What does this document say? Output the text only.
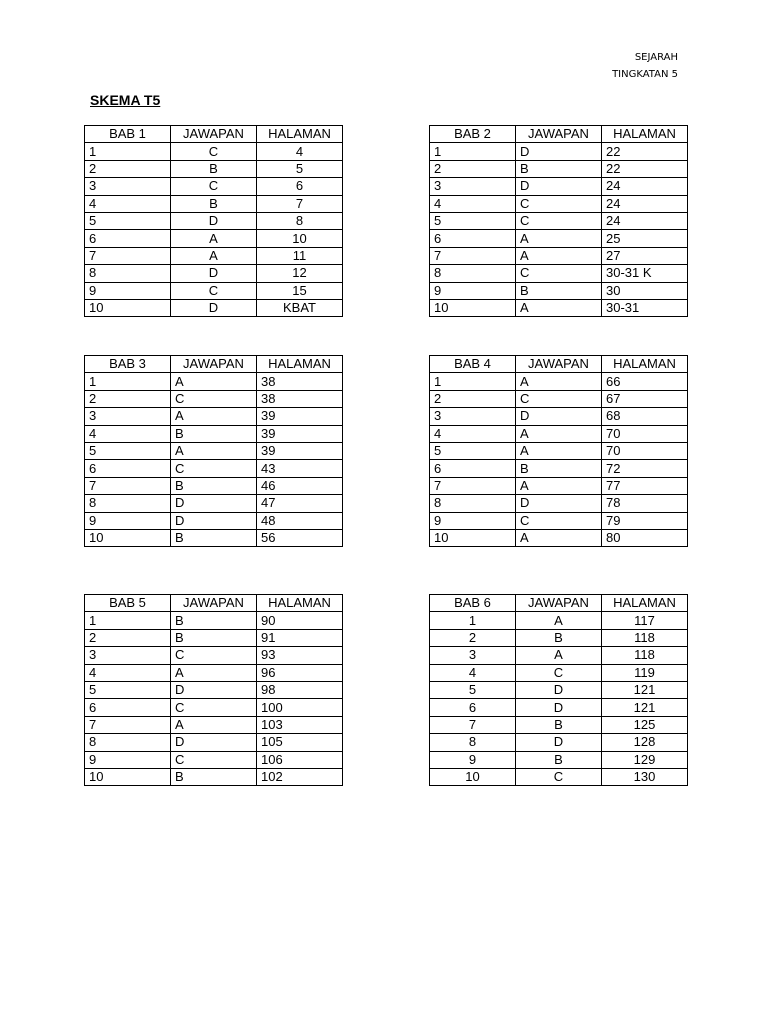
SEJARAH
TINGKATAN 5
SKEMA T5
BAB 1	JAWAPAN	HALAMAN
1	C	4
2	B	5
3	C	6
4	B	7
5	D	8
6	A	10
7	A	11
8	D	12
9	C	15
10	D	KBAT
BAB 2	JAWAPAN	HALAMAN
1	D	22
2	B	22
3	D	24
4	C	24
5	C	24
6	A	25
7	A	27
8	C	30-31 K
9	B	30
10	A	30-31
BAB 3	JAWAPAN	HALAMAN
1	A	38
2	C	38
3	A	39
4	B	39
5	A	39
6	C	43
7	B	46
8	D	47
9	D	48
10	B	56
BAB 4	JAWAPAN	HALAMAN
1	A	66
2	C	67
3	D	68
4	A	70
5	A	70
6	B	72
7	A	77
8	D	78
9	C	79
10	A	80
BAB 5	JAWAPAN	HALAMAN
1	B	90
2	B	91
3	C	93
4	A	96
5	D	98
6	C	100
7	A	103
8	D	105
9	C	106
10	B	102
BAB 6	JAWAPAN	HALAMAN
1	A	117
2	B	118
3	A	118
4	C	119
5	D	121
6	D	121
7	B	125
8	D	128
9	B	129
10	C	130
